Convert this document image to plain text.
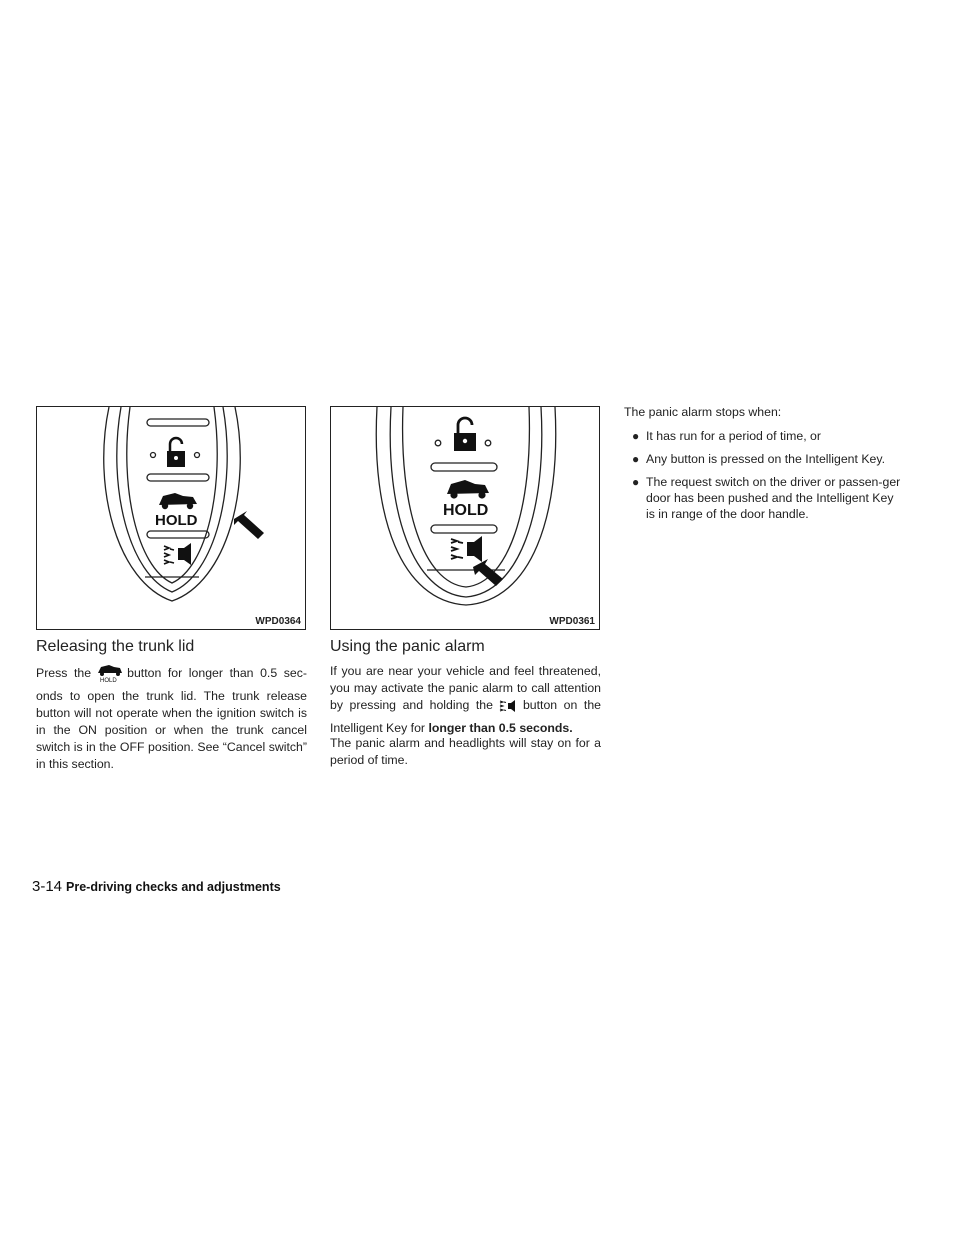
HOLD
WPD0364
HOLD
WPD0361
Releasing the trunk lid

Press the
HOLD
button for longer than 0.5 sec-onds to open the trunk lid. The trunk release button will not operate when the ignition switch is in the ON position or when the trunk cancel switch is in the OFF position. See “Cancel switch” in this section.

Using the panic alarm

If you are near your vehicle and feel threatened, you may activate the panic alarm to call attention by pressing and holding the button on the Intelligent Key for longer than 0.5 seconds.

The panic alarm and headlights will stay on for a period of time.

The panic alarm stops when:

● It has run for a period of time, or
● Any button is pressed on the Intelligent Key.
● The request switch on the driver or passen-ger door has been pushed and the Intelligent Key is in range of the door handle.
3-14 Pre-driving checks and adjustments
